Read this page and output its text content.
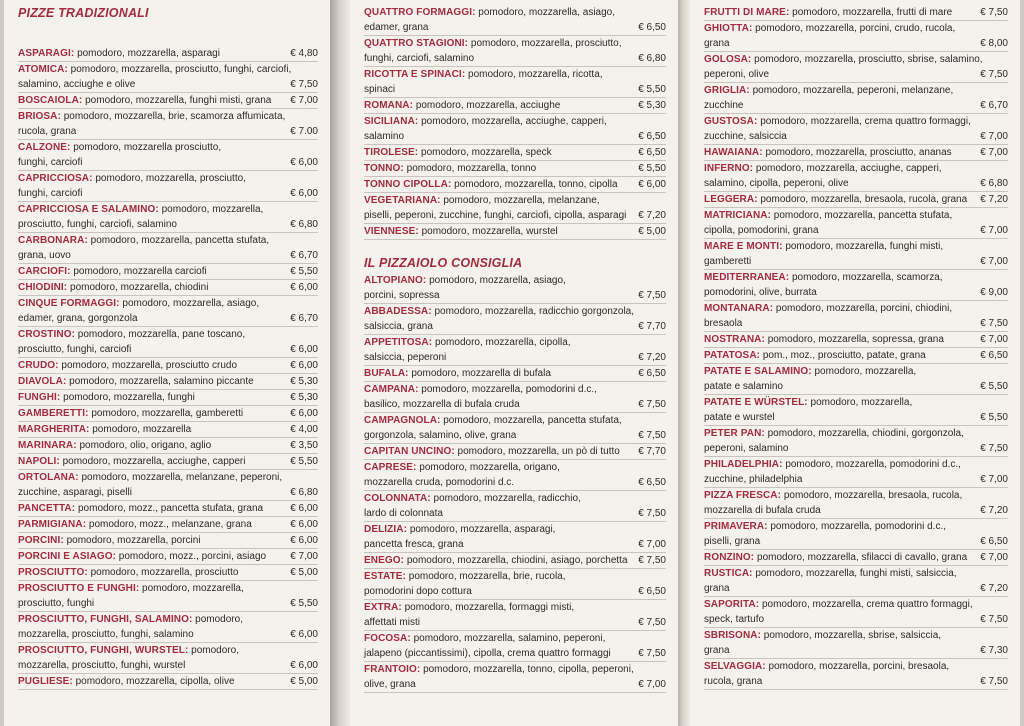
PIZZE TRADIZIONALI
ASPARAGI: pomodoro, mozzarella, asparagi	€ 4,80
ATOMICA: pomodoro, mozzarella, prosciutto, funghi, carciofi,
salamino, acciughe e olive	€ 7,50
BOSCAIOLA: pomodoro, mozzarella, funghi misti, grana	€ 7,00
BRIOSA: pomodoro, mozzarella, brie, scamorza affumicata,
rucola, grana	€ 7.00
CALZONE: pomodoro, mozzarella prosciutto,
funghi, carciofi	€ 6,00
CAPRICCIOSA: pomodoro, mozzarella, prosciutto,
funghi, carciofi	€ 6,00
CAPRICCIOSA E SALAMINO: pomodoro, mozzarella,
prosciutto, funghi, carciofi, salamino	€ 6,80
CARBONARA: pomodoro, mozzarella, pancetta stufata,
grana, uovo	€ 6,70
CARCIOFI: pomodoro, mozzarella carciofi	€ 5,50
CHIODINI: pomodoro, mozzarella, chiodini	€ 6,00
CINQUE FORMAGGI: pomodoro, mozzarella, asiago,
edamer, grana, gorgonzola	€ 6,70
CROSTINO: pomodoro, mozzarella, pane toscano,
prosciutto, funghi, carciofi	€ 6,00
CRUDO: pomodoro, mozzarella, prosciutto crudo	€ 6,00
DIAVOLA: pomodoro, mozzarella, salamino piccante	€ 5,30
FUNGHI: pomodoro, mozzarella, funghi	€ 5,30
GAMBERETTI: pomodoro, mozzarella, gamberetti	€ 6,00
MARGHERITA: pomodoro, mozzarella	€ 4,00
MARINARA: pomodoro, olio, origano, aglio	€ 3,50
NAPOLI: pomodoro, mozzarella, acciughe, capperi	€ 5,50
ORTOLANA: pomodoro, mozzarella, melanzane, peperoni,
zucchine, asparagi, piselli	€ 6,80
PANCETTA: pomodoro, mozz., pancetta stufata, grana	€ 6,00
PARMIGIANA: pomodoro, mozz., melanzane, grana	€ 6,00
PORCINI: pomodoro, mozzarella, porcini	€ 6,00
PORCINI E ASIAGO: pomodoro, mozz., porcini, asiago	€ 7,00
PROSCIUTTO: pomodoro, mozzarella, prosciutto	€ 5,00
PROSCIUTTO E FUNGHI: pomodoro, mozzarella,
prosciutto, funghi	€ 5,50
PROSCIUTTO, FUNGHI, SALAMINO: pomodoro,
mozzarella, prosciutto, funghi, salamino	€ 6,00
PROSCIUTTO, FUNGHI, WURSTEL: pomodoro,
mozzarella, prosciutto, funghi, wurstel	€ 6,00
PUGLIESE: pomodoro, mozzarella, cipolla, olive	€ 5,00
QUATTRO FORMAGGI: pomodoro, mozzarella, asiago,
edamer, grana	€ 6,50
QUATTRO STAGIONI: pomodoro, mozzarella, prosciutto,
funghi, carciofi, salamino	€ 6,80
RICOTTA E SPINACI: pomodoro, mozzarella, ricotta,
spinaci	€ 5,50
ROMANA: pomodoro, mozzarella, acciughe	€ 5,30
SICILIANA: pomodoro, mozzarella, acciughe, capperi,
salamino	€ 6,50
TIROLESE: pomodoro, mozzarella, speck	€ 6,50
TONNO: pomodoro, mozzarella, tonno	€ 5,50
TONNO CIPOLLA: pomodoro, mozzarella, tonno, cipolla	€ 6,00
VEGETARIANA: pomodoro, mozzarella, melanzane,
piselli, peperoni, zucchine, funghi, carciofi, cipolla, asparagi	€ 7,20
VIENNESE: pomodoro, mozzarella, wurstel	€ 5,00
IL PIZZAIOLO CONSIGLIA
ALTOPIANO: pomodoro, mozzarella, asiago,
porcini, sopressa	€ 7,50
ABBADESSA: pomodoro, mozzarella, radicchio gorgonzola,
salsiccia, grana	€ 7,70
APPETITOSA: pomodoro, mozzarella, cipolla,
salsiccia, peperoni	€ 7,20
BUFALA: pomodoro, mozzarella di bufala	€ 6,50
CAMPANA: pomodoro, mozzarella, pomodorini d.c.,
basilico, mozzarella di bufala cruda	€ 7,50
CAMPAGNOLA: pomodoro, mozzarella, pancetta stufata,
gorgonzola, salamino, olive, grana	€ 7,50
CAPITAN UNCINO: pomodoro, mozzarella, un pò di tutto	€ 7,70
CAPRESE: pomodoro, mozzarella, origano,
mozzarella cruda, pomodorini d.c.	€ 6,50
COLONNATA: pomodoro, mozzarella, radicchio,
lardo di colonnata	€ 7,50
DELIZIA: pomodoro, mozzarella, asparagi,
pancetta fresca, grana	€ 7,00
ENEGO: pomodoro, mozzarella, chiodini, asiago, porchetta	€ 7,50
ESTATE: pomodoro, mozzarella, brie, rucola,
pomodorini dopo cottura	€ 6,50
EXTRA: pomodoro, mozzarella, formaggi misti,
affettati misti	€ 7,50
FOCOSA: pomodoro, mozzarella, salamino, peperoni,
jalapeno (piccantissimi), cipolla, crema quattro formaggi	€ 7,50
FRANTOIO: pomodoro, mozzarella, tonno, cipolla, peperoni,
olive, grana	€ 7,00
FRUTTI DI MARE: pomodoro, mozzarella, frutti di mare	€ 7,50
GHIOTTA: pomodoro, mozzarella, porcini, crudo, rucola,
grana	€ 8,00
GOLOSA: pomodoro, mozzarella, prosciutto, sbrise, salamino,
peperoni, olive	€ 7,50
GRIGLIA: pomodoro, mozzarella, peperoni, melanzane,
zucchine	€ 6,70
GUSTOSA: pomodoro, mozzarella, crema quattro formaggi,
zucchine, salsiccia	€ 7,00
HAWAIANA: pomodoro, mozzarella, prosciutto, ananas	€ 7,00
INFERNO: pomodoro, mozzarella, acciughe, capperi,
salamino, cipolla, peperoni, olive	€ 6,80
LEGGERA: pomodoro, mozzarella, bresaola, rucola, grana	€ 7,20
MATRICIANA: pomodoro, mozzarella, pancetta stufata,
cipolla, pomodorini, grana	€ 7,00
MARE E MONTI: pomodoro, mozzarella, funghi misti,
gamberetti	€ 7,00
MEDITERRANEA: pomodoro, mozzarella, scamorza,
pomodorini, olive, burrata	€ 9,00
MONTANARA: pomodoro, mozzarella, porcini, chiodini,
bresaola	€ 7,50
NOSTRANA: pomodoro, mozzarella, sopressa, grana	€ 7,00
PATATOSA: pom., moz., prosciutto, patate, grana	€ 6,50
PATATE E SALAMINO: pomodoro, mozzarella,
patate e salamino	€ 5,50
PATATE E WÜRSTEL: pomodoro, mozzarella,
patate e wurstel	€ 5,50
PETER PAN: pomodoro, mozzarella, chiodini, gorgonzola,
peperoni, salamino	€ 7,50
PHILADELPHIA: pomodoro, mozzarella, pomodorini d.c.,
zucchine, philadelphia	€ 7,00
PIZZA FRESCA: pomodoro, mozzarella, bresaola, rucola,
mozzarella di bufala cruda	€ 7,20
PRIMAVERA: pomodoro, mozzarella, pomodorini d.c.,
piselli, grana	€ 6,50
RONZINO: pomodoro, mozzarella, sfilacci di cavallo, grana	€ 7,00
RUSTICA: pomodoro, mozzarella, funghi misti, salsiccia,
grana	€ 7,20
SAPORITA: pomodoro, mozzarella, crema quattro formaggi,
speck, tartufo	€ 7,50
SBRISONA: pomodoro, mozzarella, sbrise, salsiccia,
grana	€ 7,30
SELVAGGIA: pomodoro, mozzarella, porcini, bresaola,
rucola, grana	€ 7,50
